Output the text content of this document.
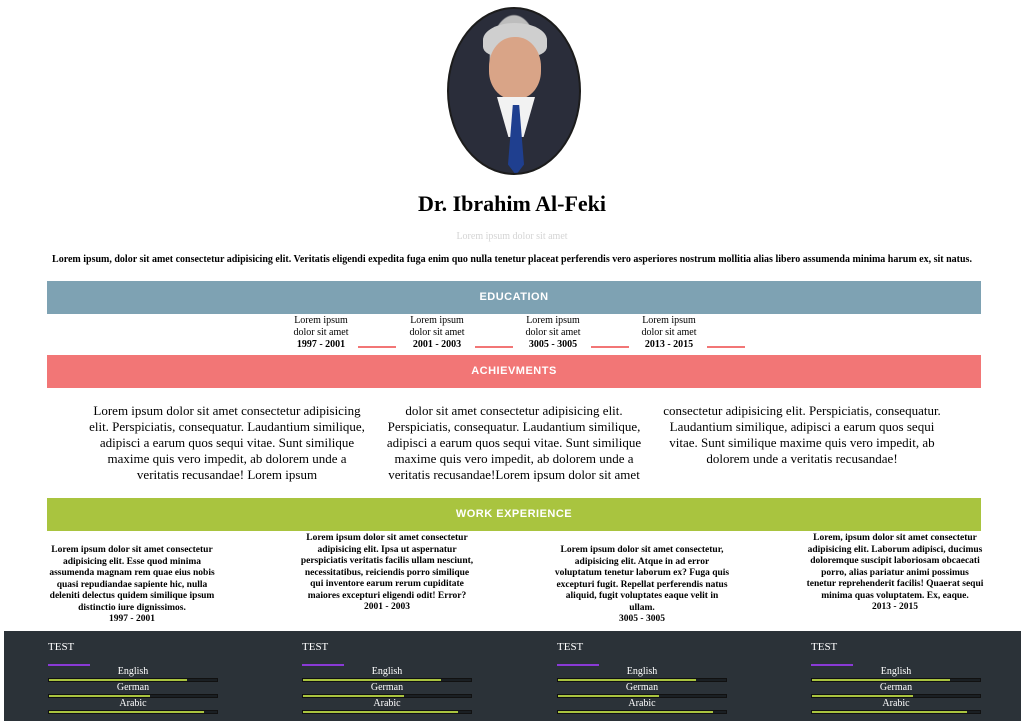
Dr. Ibrahim Al-Feki
Lorem ipsum dolor sit amet
Lorem ipsum, dolor sit amet consectetur adipisicing elit. Veritatis eligendi expedita fuga enim quo nulla tenetur placeat perferendis vero asperiores nostrum mollitia alias libero assumenda minima harum ex, sit natus.
EDUCATION
Lorem ipsum
dolor sit amet
1997 - 2001
Lorem ipsum
dolor sit amet
2001 - 2003
Lorem ipsum
dolor sit amet
3005 - 3005
Lorem ipsum
dolor sit amet
2013 - 2015
ACHIEVMENTS
Lorem ipsum dolor sit amet consectetur adipisicing elit. Perspiciatis, consequatur. Laudantium similique, adipisci a earum quos sequi vitae. Sunt similique maxime quis vero impedit, ab dolorem unde a veritatis recusandae! Lorem ipsum
dolor sit amet consectetur adipisicing elit. Perspiciatis, consequatur. Laudantium similique, adipisci a earum quos sequi vitae. Sunt similique maxime quis vero impedit, ab dolorem unde a veritatis recusandae!Lorem ipsum dolor sit amet
consectetur adipisicing elit. Perspiciatis, consequatur. Laudantium similique, adipisci a earum quos sequi vitae. Sunt similique maxime quis vero impedit, ab dolorem unde a veritatis recusandae!
WORK EXPERIENCE
Lorem ipsum dolor sit amet consectetur adipisicing elit. Esse quod minima assumenda magnam rem quae eius nobis quasi repudiandae sapiente hic, nulla deleniti delectus quidem similique ipsum distinctio iure dignissimos.
1997 - 2001
Lorem ipsum dolor sit amet consectetur adipisicing elit. Ipsa ut aspernatur perspiciatis veritatis facilis ullam nesciunt, necessitatibus, reiciendis porro similique qui inventore earum rerum cupiditate maiores excepturi eligendi odit! Error?
2001 - 2003
Lorem ipsum dolor sit amet consectetur, adipisicing elit. Atque in ad error voluptatum tenetur laborum ex? Fuga quis excepturi fugit. Repellat perferendis natus aliquid, fugit voluptates eaque velit in ullam.
3005 - 3005
Lorem, ipsum dolor sit amet consectetur adipisicing elit. Laborum adipisci, ducimus doloremque suscipit laboriosam obcaecati porro, alias pariatur animi possimus tenetur reprehenderit facilis! Quaerat sequi minima quas voluptatem. Ex, eaque.
2013 - 2015
TEST
English
German
Arabic
TEST
English
German
Arabic
TEST
English
German
Arabic
TEST
English
German
Arabic
